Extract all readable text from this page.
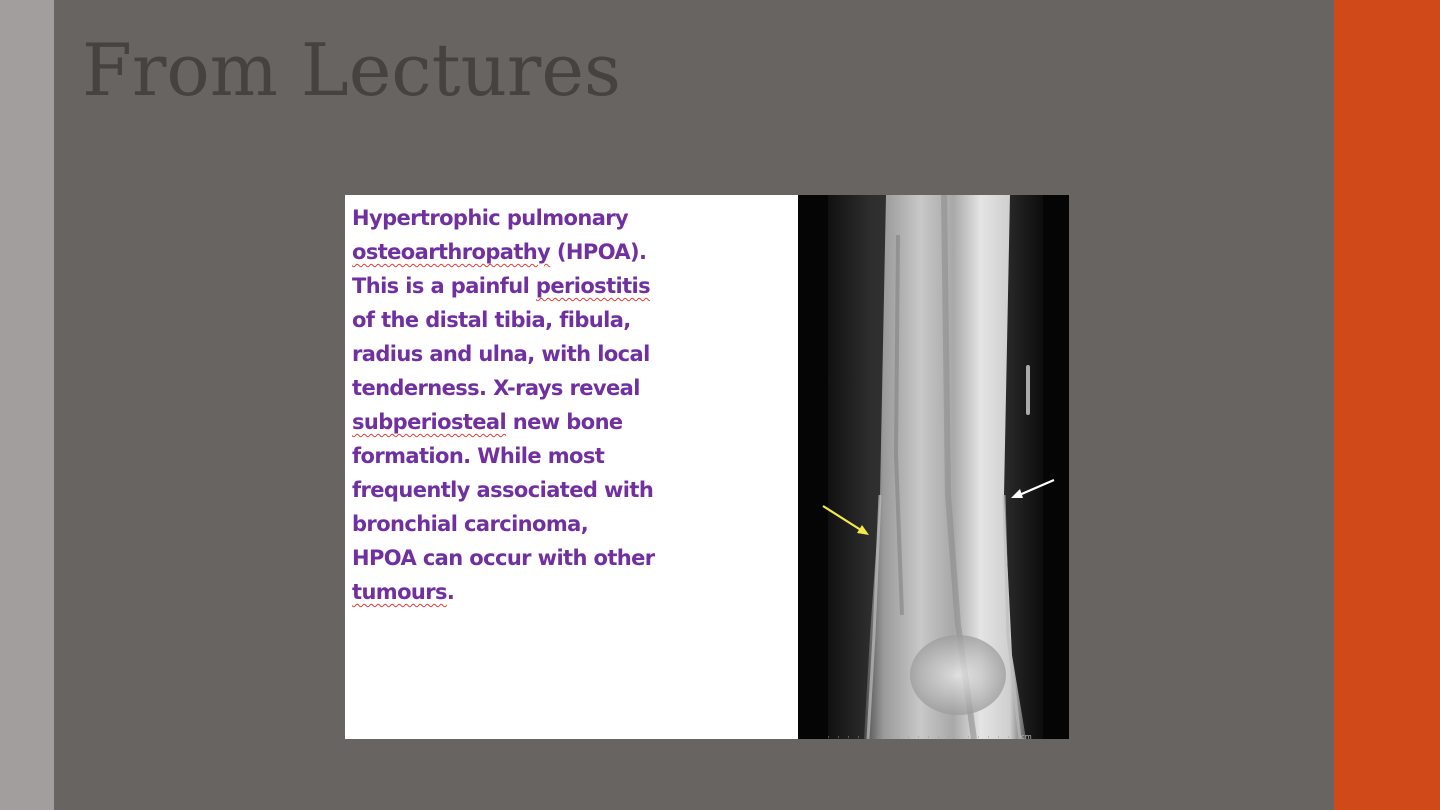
From Lectures
Hypertrophic pulmonary
osteoarthropathy (HPOA).
This is a painful periostitis
of the distal tibia, fibula,
radius and ulna, with local
tenderness. X-rays reveal
subperiosteal new bone
formation. While most
frequently associated with
bronchial carcinoma,
HPOA can occur with other
tumours.
cm
